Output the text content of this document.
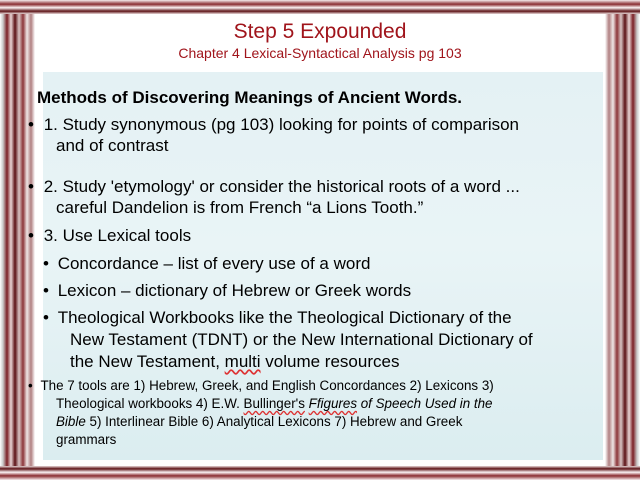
Step 5 Expounded
Chapter 4 Lexical-Syntactical Analysis pg 103
Methods of Discovering Meanings of Ancient Words.
• 1. Study synonymous (pg 103) looking for points of comparison
and of contrast
• 2. Study 'etymology' or consider the historical roots of a word ...
careful Dandelion is from French “a Lions Tooth.”
• 3. Use Lexical tools
• Concordance – list of every use of a word
• Lexicon – dictionary of Hebrew or Greek words
• Theological Workbooks like the Theological Dictionary of the
New Testament (TDNT) or the New International Dictionary of
the New Testament, multi volume resources
• The 7 tools are 1) Hebrew, Greek, and English Concordances 2) Lexicons 3)
Theological workbooks 4) E.W. Bullinger's Ffigures of Speech Used in the
Bible 5) Interlinear Bible 6) Analytical Lexicons 7) Hebrew and Greek
grammars
